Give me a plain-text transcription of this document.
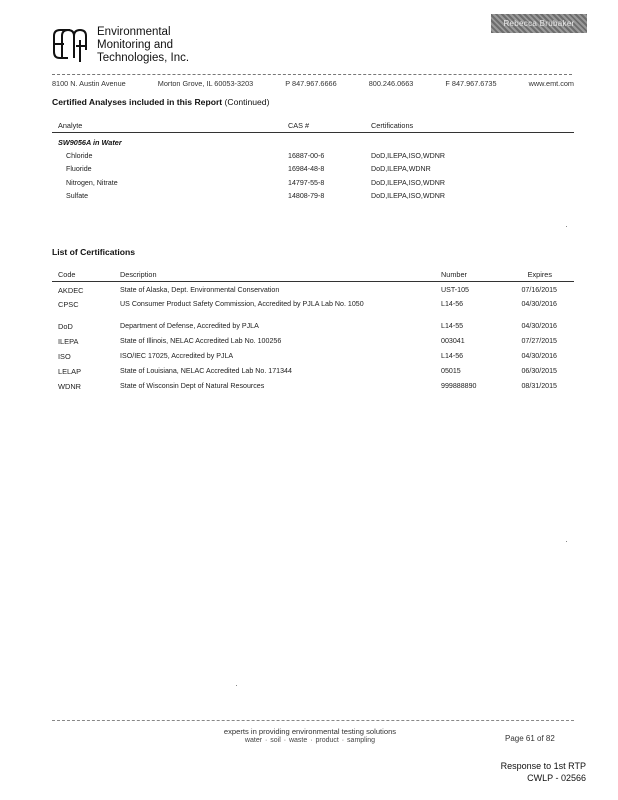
Environmental
Monitoring and
Technologies, Inc.
Rebecca Brubaker
8100 N. Austin Avenue	Morton Grove, IL 60053-3203	P 847.967.6666	800.246.0663	F 847.967.6735	www.emt.com
Certified Analyses included in this Report (Continued)
Analyte	CAS #	Certifications
SW9056A in Water
Chloride	16887-00-6	DoD,ILEPA,ISO,WDNR
Fluoride	16984-48-8	DoD,ILEPA,WDNR
Nitrogen, Nitrate	14797-55-8	DoD,ILEPA,ISO,WDNR
Sulfate	14808-79-8	DoD,ILEPA,ISO,WDNR
List of Certifications
Code	Description	Number	Expires
AKDEC	State of Alaska, Dept. Environmental Conservation	UST-105	07/16/2015
CPSC	US Consumer Product Safety Commission, Accredited by PJLA Lab No. 1050	L14-56	04/30/2016
DoD	Department of Defense, Accredited by PJLA	L14-55	04/30/2016
ILEPA	State of Illinois, NELAC Accredited Lab No. 100256	003041	07/27/2015
ISO	ISO/IEC 17025, Accredited by PJLA	L14-56	04/30/2016
LELAP	State of Louisiana, NELAC Accredited Lab No. 171344	05015	06/30/2015
WDNR	State of Wisconsin Dept of Natural Resources	999888890	08/31/2015
experts in providing environmental testing solutions
water · soil · waste · product · sampling	Page 61 of 82
Response to 1st RTP
CWLP - 02566
